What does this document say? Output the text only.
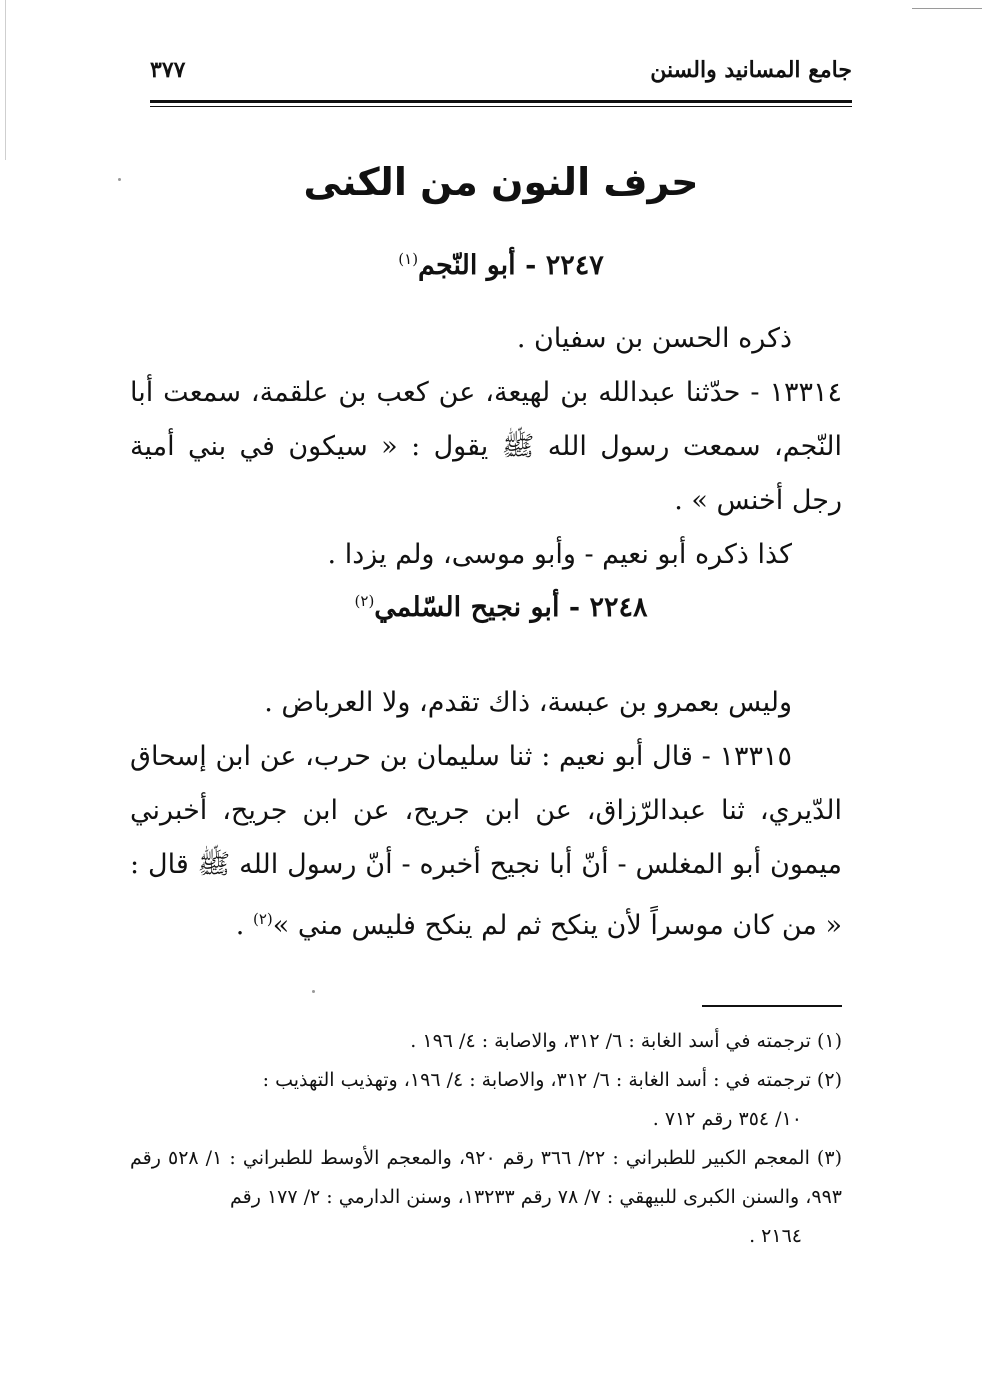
جامع المسانيد والسنن
٣٧٧
حرف النون من الكنى
٢٢٤٧ - أبو النّجم$^{(١)}$

ذكره الحسن بن سفيان .

١٣٣١٤ - حدّثنا عبدالله بن لهيعة، عن كعب بن علقمة، سمعت أبا النّجم، سمعت رسول الله ﷺ يقول : « سيكون في بني أمية رجل أخنس » .

كذا ذكره أبو نعيم - وأبو موسى، ولم يزدا .

٢٢٤٨ - أبو نجيح السّلمي$^{(٢)}$

وليس بعمرو بن عبسة، ذاك تقدم، ولا العرباض .

١٣٣١٥ - قال أبو نعيم : ثنا سليمان بن حرب، عن ابن إسحاق الدّيري، ثنا عبدالرّزاق، عن ابن جريح، عن ابن جريح، أخبرني ميمون أبو المغلس - أنّ أبا نجيح أخبره - أنّ رسول الله ﷺ قال : « من كان موسراً لأن ينكح ثم لم ينكح فليس مني »$^{(٢)}$ .

(١) ترجمته في أسد الغابة : ٦/ ٣١٢، والاصابة : ٤/ ١٩٦ .

(٢) ترجمته في : أسد الغابة : ٦/ ٣١٢، والاصابة : ٤/ ١٩٦، وتهذيب التهذيب :

١٠/ ٣٥٤ رقم ٧١٢ .

(٣) المعجم الكبير للطبراني : ٢٢/ ٣٦٦ رقم ٩٢٠، والمعجم الأوسط للطبراني : ١/ ٥٢٨ رقم ٩٩٣، والسنن الكبرى للبيهقي : ٧/ ٧٨ رقم ١٣٢٣٣، وسنن الدارمي : ٢/ ١٧٧ رقم

٢١٦٤ .
